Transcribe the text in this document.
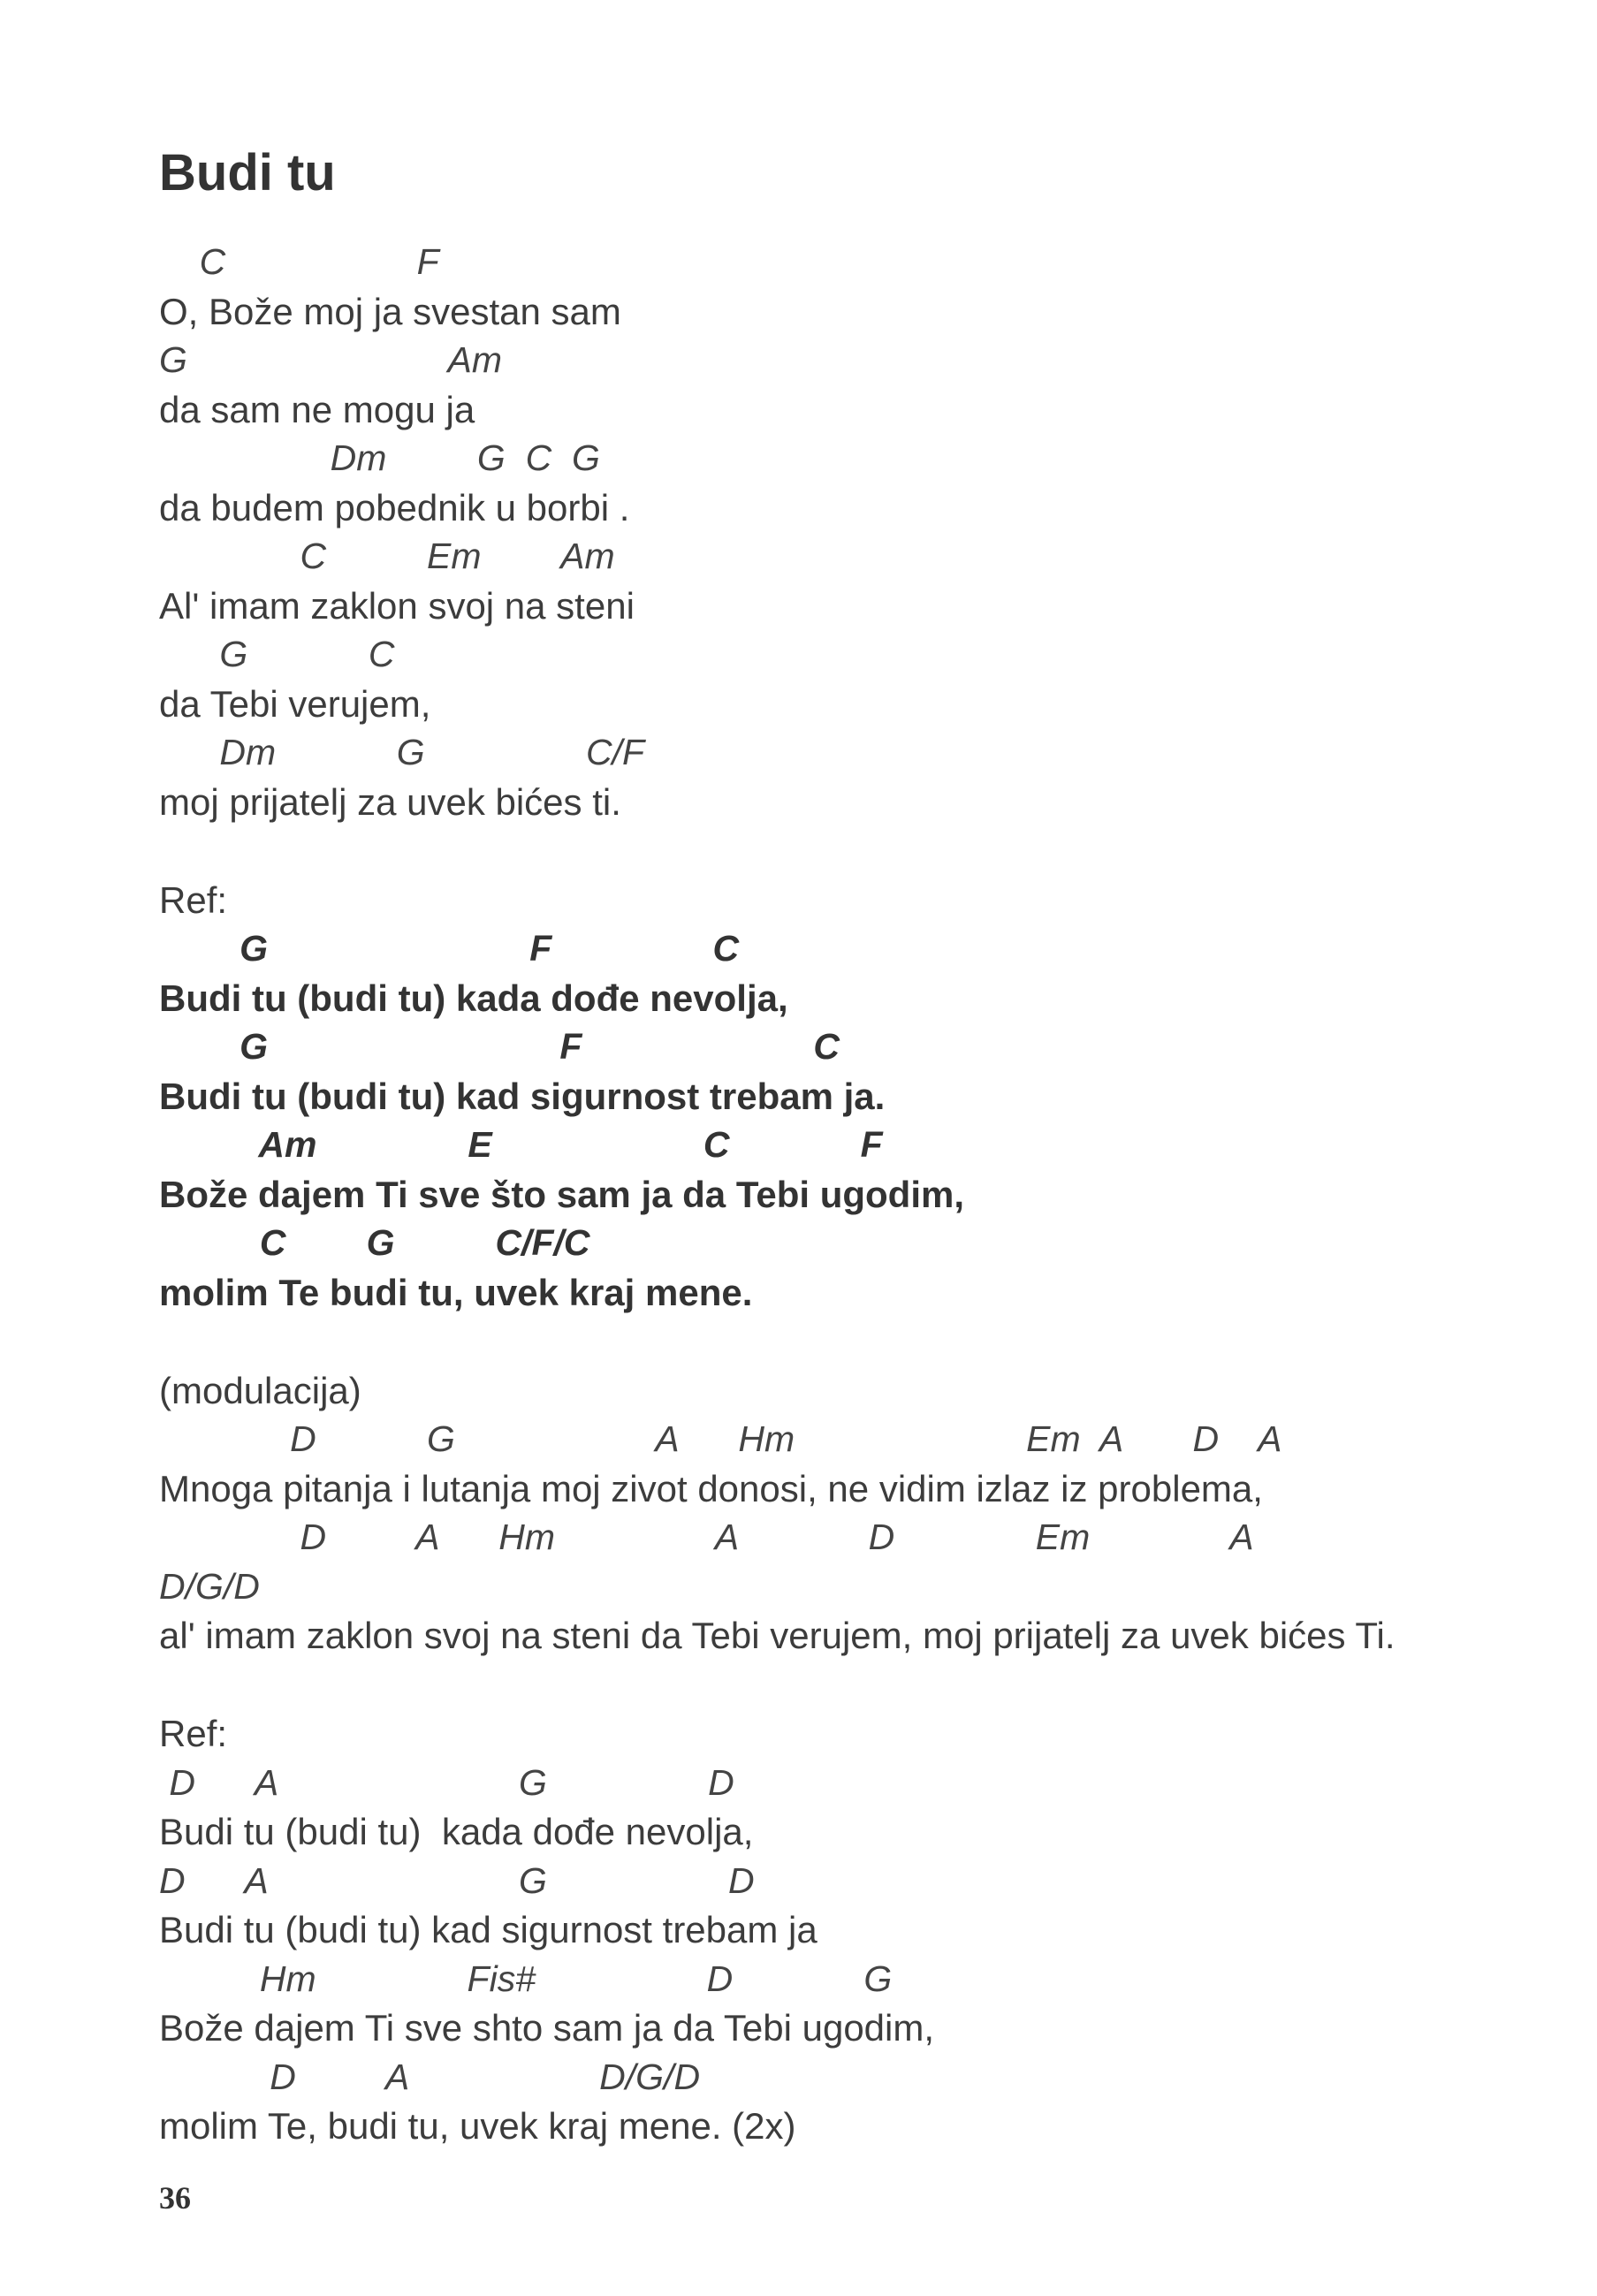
Budi tu
C                   F
O, Bože moj ja svestan sam
G                          Am
da sam ne mogu ja
Dm         G  C  G
da budem pobednik u borbi .
C          Em        Am
Al' imam zaklon svoj na steni
G            C
da Tebi verujem,
Dm            G                C/F
moj prijatelj za uvek bićes ti.
Ref:
G                          F                C
Budi tu (budi tu) kada dođe nevolja,
G                             F                       C
Budi tu (budi tu) kad sigurnost trebam ja.
Am               E                     C             F
Bože dajem Ti sve što sam ja da Tebi ugodim,
C        G          C/F/C
molim Te budi tu, uvek kraj mene.
(modulacija)
D           G                    A      Hm                       Em  A       D    A
Mnoga pitanja i lutanja moj zivot donosi, ne vidim izlaz iz problema,
D         A      Hm                A             D              Em              A
D/G/D
al' imam zaklon svoj na steni da Tebi verujem, moj prijatelj za uvek bićes Ti.
Ref:
D      A                        G                D
Budi tu (budi tu)  kada dođe nevolja,
D      A                         G                  D
Budi tu (budi tu) kad sigurnost trebam ja
Hm               Fis#                 D             G
Bože dajem Ti sve shto sam ja da Tebi ugodim,
D         A                   D/G/D
molim Te, budi tu, uvek kraj mene. (2x)
36
